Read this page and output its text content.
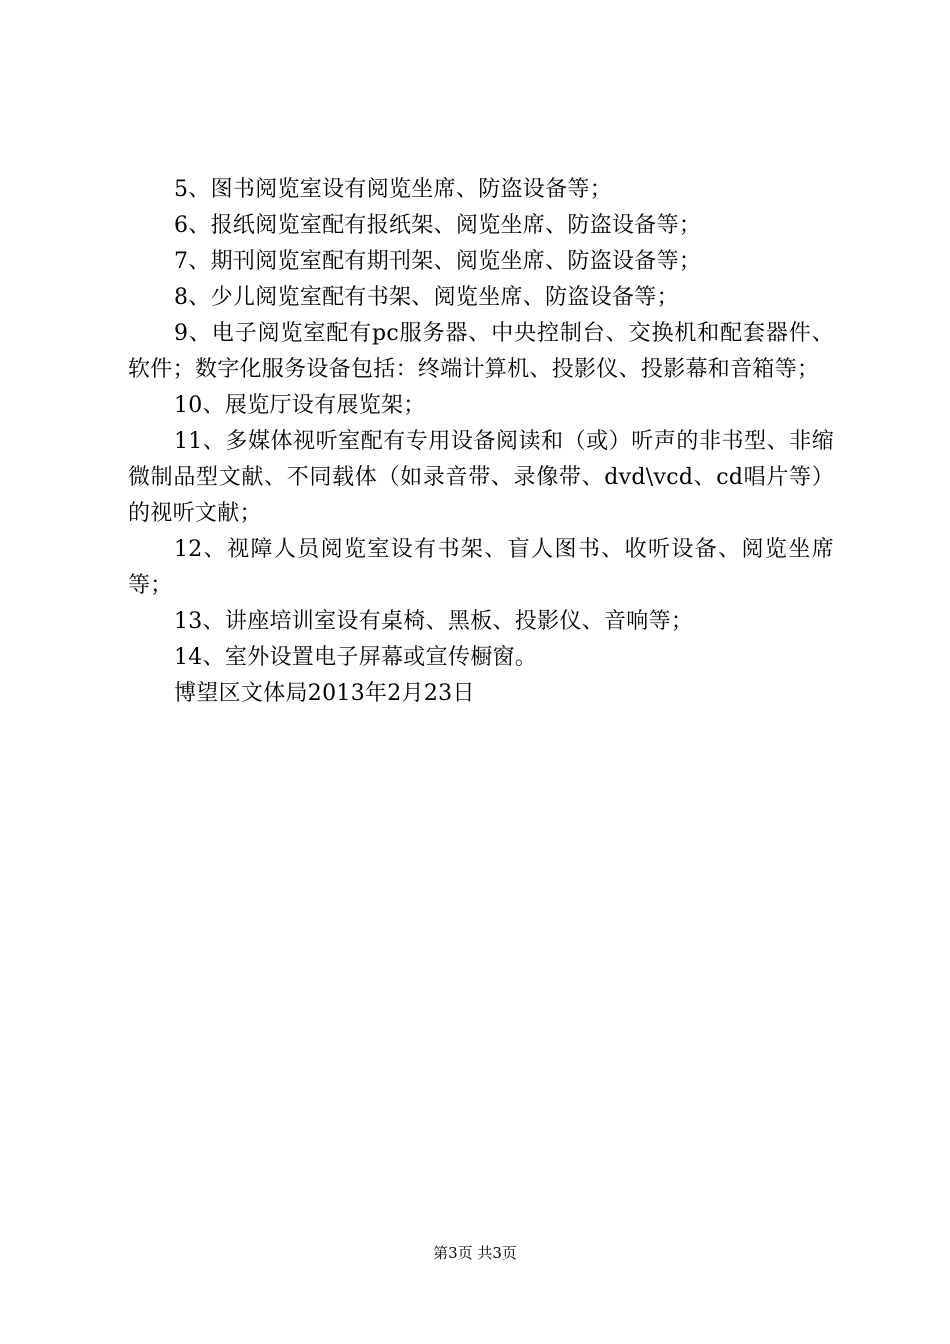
5、图书阅览室设有阅览坐席、防盗设备等；

6、报纸阅览室配有报纸架、阅览坐席、防盗设备等；

7、期刊阅览室配有期刊架、阅览坐席、防盗设备等；

8、少儿阅览室配有书架、阅览坐席、防盗设备等；

9、电子阅览室配有pc服务器、中央控制台、交换机和配套器件、软件；数字化服务设备包括：终端计算机、投影仪、投影幕和音箱等；

10、展览厅设有展览架；

11、多媒体视听室配有专用设备阅读和（或）听声的非书型、非缩微制品型文献、不同载体（如录音带、录像带、dvd\vcd、cd唱片等）的视听文献；

12、视障人员阅览室设有书架、盲人图书、收听设备、阅览坐席等；

13、讲座培训室设有桌椅、黑板、投影仪、音响等；

14、室外设置电子屏幕或宣传橱窗。

博望区文体局2013年2月23日

第3页 共3页
